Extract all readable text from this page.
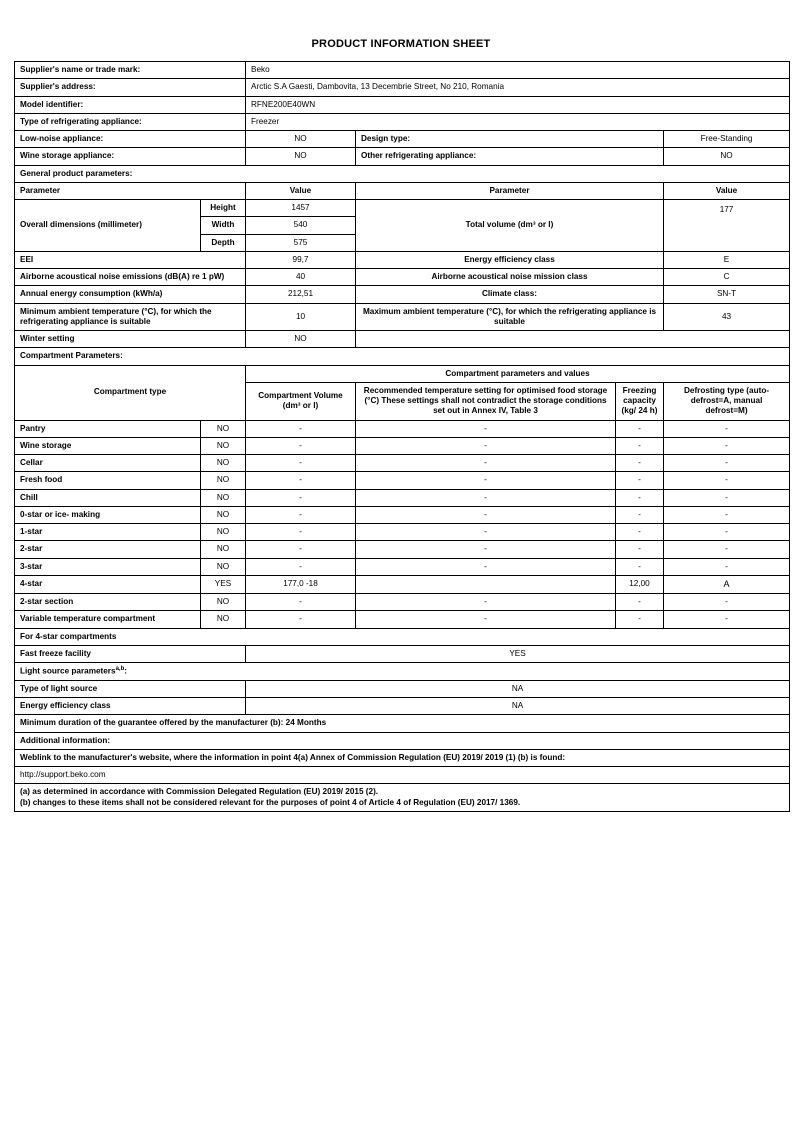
PRODUCT INFORMATION SHEET
Supplier's name or trade mark:		Beko			
Supplier's address:		Arctic S.A Gaesti, Dambovita, 13 Decembrie Street, No 210, Romania			
Model identifier:		RFNE200E40WN			
Type of refrigerating appliance:		Freezer			
Low-noise appliance:		NO	Design type:		Free-Standing
Wine storage appliance:		NO	Other refrigerating appliance:		NO
General product parameters:					
Parameter		Value	Parameter		Value
Overall dimensions (millimeter)	Height	1457	Total volume (dm³ or l)		177
	Width	540			
	Depth	575			
EEI		99,7	Energy efficiency class		E
Airborne acoustical noise emissions (dB(A) re 1 pW)		40	Airborne acoustical noise mission class		C
Annual energy consumption (kWh/a)		212,51	Climate class:		SN-T
Minimum ambient temperature (°C), for which the refrigerating appliance is suitable		10	Maximum ambient temperature (°C), for which the refrigerating appliance is suitable		43
Winter setting		NO			
Compartment Parameters:					
Compartment type		Compartment parameters and values			
		Compartment Volume (dm³ or l)	Recommended temperature setting for optimised food storage (°C) These settings shall not contradict the storage conditions set out in Annex IV, Table 3	Freezing capacity (kg/ 24 h)	Defrosting type (auto-defrost=A, manual defrost=M)
Pantry	NO	-	-	-	-
Wine storage	NO	-	-	-	-
Cellar	NO	-	-	-	-
Fresh food	NO	-	-	-	-
Chill	NO	-	-	-	-
0-star or ice- making	NO	-	-	-	-
1-star	NO	-	-	-	-
2-star	NO	-	-	-	-
3-star	NO	-	-	-	-
4-star	YES	177,0 -18		12,00	A
2-star section	NO	-	-	-	-
Variable temperature compartment	NO	-	-	-	-
For 4-star compartments					
Fast freeze facility		YES			
Light source parameters$^{a,b}$:					
Type of light source		NA			
Energy efficiency class		NA			
Minimum duration of the guarantee offered by the manufacturer (b): 24 Months					
Additional information:					
Weblink to the manufacturer's website, where the information in point 4(a) Annex of Commission Regulation (EU) 2019/ 2019 (1) (b) is found:					
http://support.beko.com					

(a) as determined in accordance with Commission Delegated Regulation (EU) 2019/ 2015 (2).
(b) changes to these items shall not be considered relevant for the purposes of point 4 of Article 4 of Regulation (EU) 2017/ 1369.					
